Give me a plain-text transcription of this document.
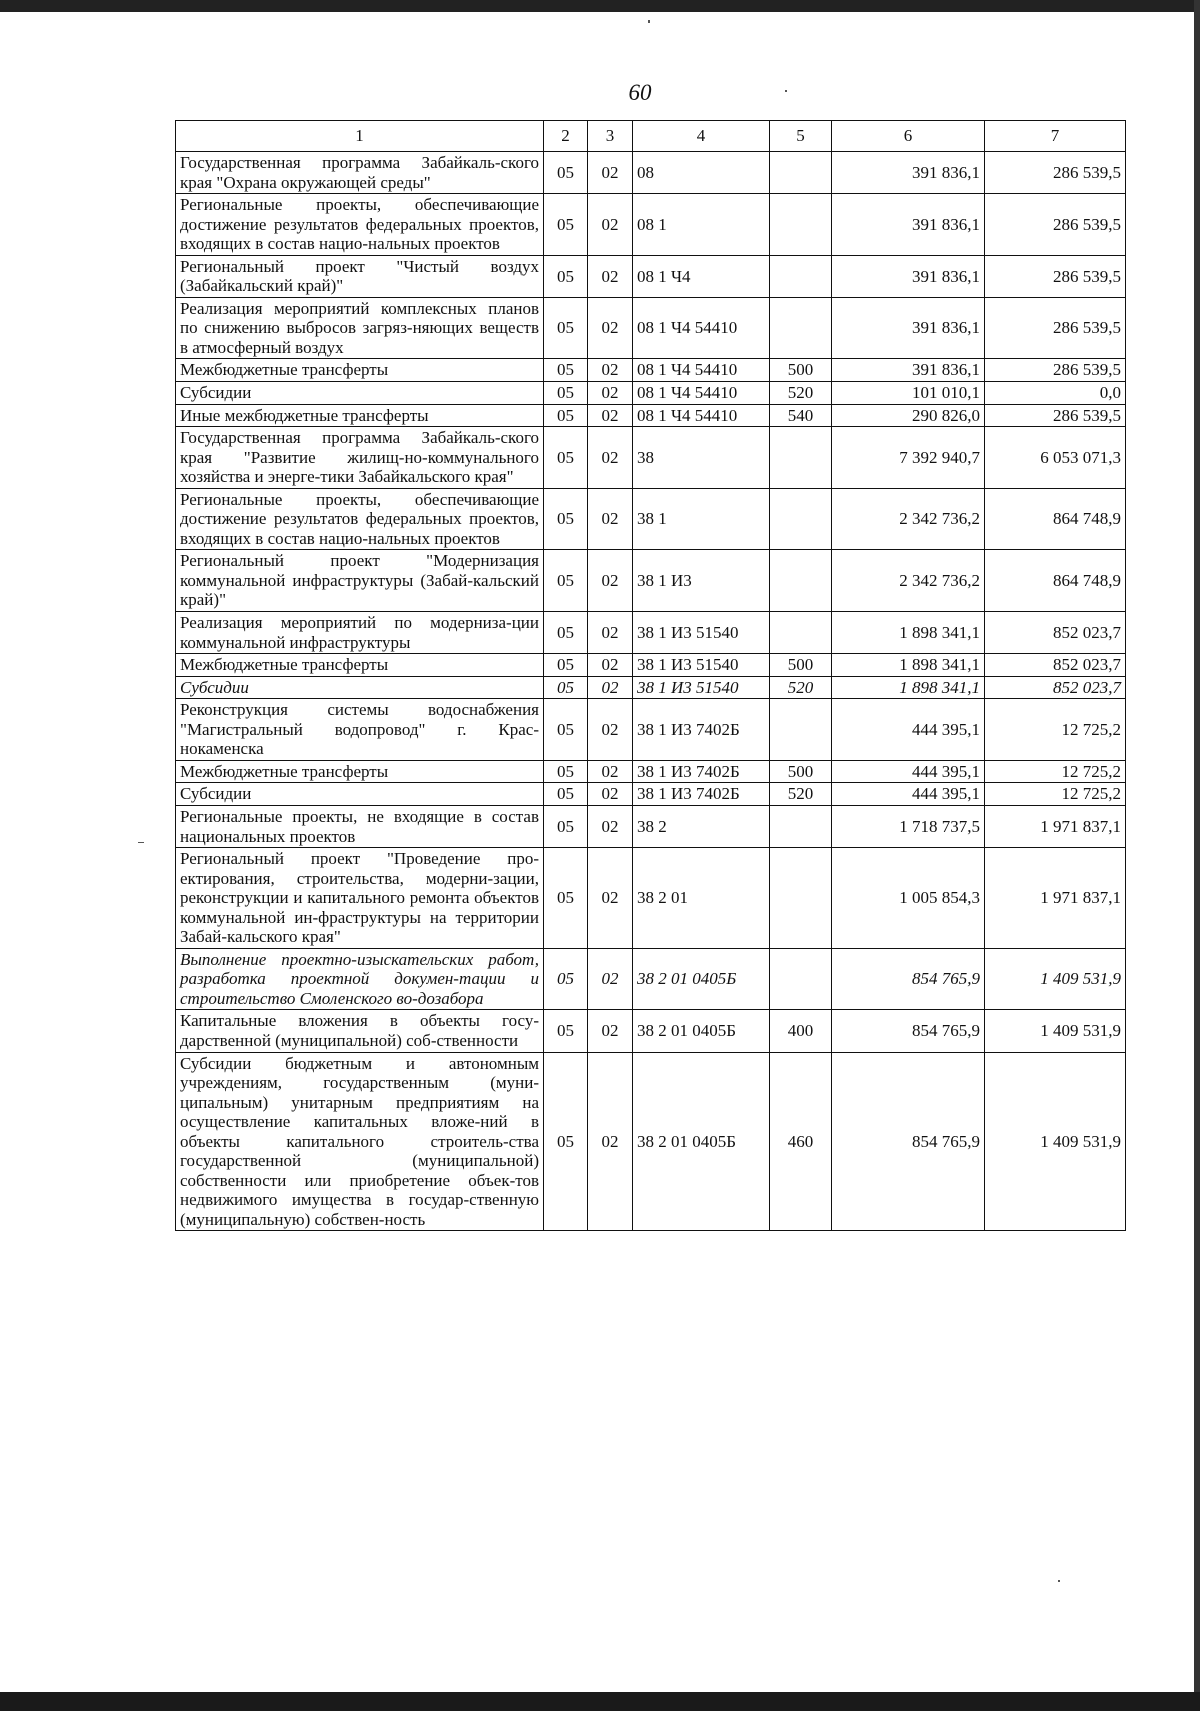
60
1	2	3	4	5	6	7
Государственная программа Забайкаль-ского края "Охрана окружающей среды"	05	02	08		391 836,1	286 539,5
Региональные проекты, обеспечивающие достижение результатов федеральных проектов, входящих в состав нацио-нальных проектов	05	02	08 1		391 836,1	286 539,5
Региональный проект "Чистый воздух (Забайкальский край)"	05	02	08 1 Ч4		391 836,1	286 539,5
Реализация мероприятий комплексных планов по снижению выбросов загряз-няющих веществ в атмосферный воздух	05	02	08 1 Ч4 54410		391 836,1	286 539,5
Межбюджетные трансферты	05	02	08 1 Ч4 54410	500	391 836,1	286 539,5
Субсидии	05	02	08 1 Ч4 54410	520	101 010,1	0,0
Иные межбюджетные трансферты	05	02	08 1 Ч4 54410	540	290 826,0	286 539,5
Государственная программа Забайкаль-ского края "Развитие жилищ-но-коммунального хозяйства и энерге-тики Забайкальского края"	05	02	38		7 392 940,7	6 053 071,3
Региональные проекты, обеспечивающие достижение результатов федеральных проектов, входящих в состав нацио-нальных проектов	05	02	38 1		2 342 736,2	864 748,9
Региональный проект "Модернизация коммунальной инфраструктуры (Забай-кальский край)"	05	02	38 1 И3		2 342 736,2	864 748,9
Реализация мероприятий по модерниза-ции коммунальной инфраструктуры	05	02	38 1 И3 51540		1 898 341,1	852 023,7
Межбюджетные трансферты	05	02	38 1 И3 51540	500	1 898 341,1	852 023,7
Субсидии	05	02	38 1 И3 51540	520	1 898 341,1	852 023,7
Реконструкция системы водоснабжения "Магистральный водопровод" г. Крас-нокаменска	05	02	38 1 И3 7402Б		444 395,1	12 725,2
Межбюджетные трансферты	05	02	38 1 И3 7402Б	500	444 395,1	12 725,2
Субсидии	05	02	38 1 И3 7402Б	520	444 395,1	12 725,2
Региональные проекты, не входящие в состав национальных проектов	05	02	38 2		1 718 737,5	1 971 837,1
Региональный проект "Проведение про-ектирования, строительства, модерни-зации, реконструкции и капитального ремонта объектов коммунальной ин-фраструктуры на территории Забай-кальского края"	05	02	38 2 01		1 005 854,3	1 971 837,1
Выполнение проектно-изыскательских работ, разработка проектной докумен-тации и строительство Смоленского во-дозабора	05	02	38 2 01 0405Б		854 765,9	1 409 531,9
Капитальные вложения в объекты госу-дарственной (муниципальной) соб-ственности	05	02	38 2 01 0405Б	400	854 765,9	1 409 531,9
Субсидии бюджетным и автономным учреждениям, государственным (муни-ципальным) унитарным предприятиям на осуществление капитальных вложе-ний в объекты капитального строитель-ства государственной (муниципальной) собственности или приобретение объек-тов недвижимого имущества в государ-ственную (муниципальную) собствен-ность	05	02	38 2 01 0405Б	460	854 765,9	1 409 531,9
